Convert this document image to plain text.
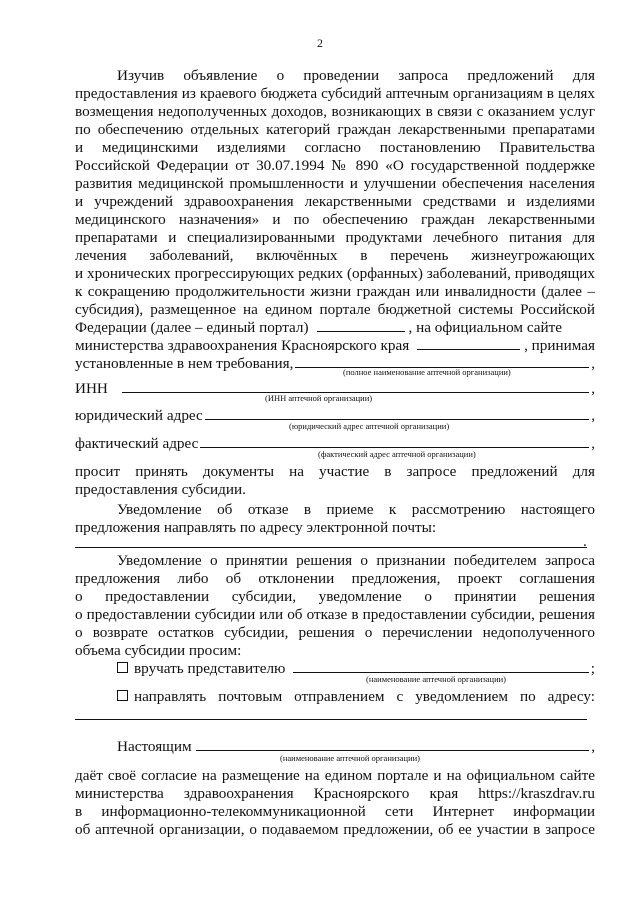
2
Изучив объявление о проведении запроса предложений для
предоставления из краевого бюджета субсидий аптечным организациям в целях
возмещения недополученных доходов, возникающих в связи с оказанием услуг
по обеспечению отдельных категорий граждан лекарственными препаратами
и медицинскими изделиями согласно постановлению Правительства
Российской Федерации от 30.07.1994 № 890 «О государственной поддержке
развития медицинской промышленности и улучшении обеспечения населения
и учреждений здравоохранения лекарственными средствами и изделиями
медицинского назначения» и по обеспечению граждан лекарственными
препаратами и специализированными продуктами лечебного питания для
лечения заболеваний, включённых в перечень жизнеугрожающих
и хронических прогрессирующих редких (орфанных) заболеваний, приводящих
к сокращению продолжительности жизни граждан или инвалидности (далее –
субсидия), размещенное на едином портале бюджетной системы Российской
Федерации (далее – единый портал)	, на официальном сайте
министерства здравоохранения Красноярского края	, принимая
установленные в нем требования,	,
(полное наименование аптечной организации)
ИНН	,
(ИНН аптечной организации)
юридический адрес	,
(юридический адрес аптечной организации)
фактический адрес	,
(фактический адрес аптечной организации)
просит принять документы на участие в запросе предложений для
предоставления субсидии.
Уведомление об отказе в приеме к рассмотрению настоящего
предложения направлять по адресу электронной почты:
.
Уведомление о принятии решения о признании победителем запроса
предложения либо об отклонении предложения, проект соглашения
о предоставлении субсидии, уведомление о принятии решения
о предоставлении субсидии или об отказе в предоставлении субсидии, решения
о возврате остатков субсидии, решения о перечислении недополученного
объема субсидии просим:
вручать представителю	;
(наименование аптечной организации)
направлять почтовым отправлением с уведомлением по адресу:
Настоящим	,
(наименование аптечной организации)
даёт своё согласие на размещение на едином портале и на официальном сайте
министерства здравоохранения Красноярского края https://kraszdrav.ru
в информационно-телекоммуникационной сети Интернет информации
об аптечной организации, о подаваемом предложении, об ее участии в запросе
